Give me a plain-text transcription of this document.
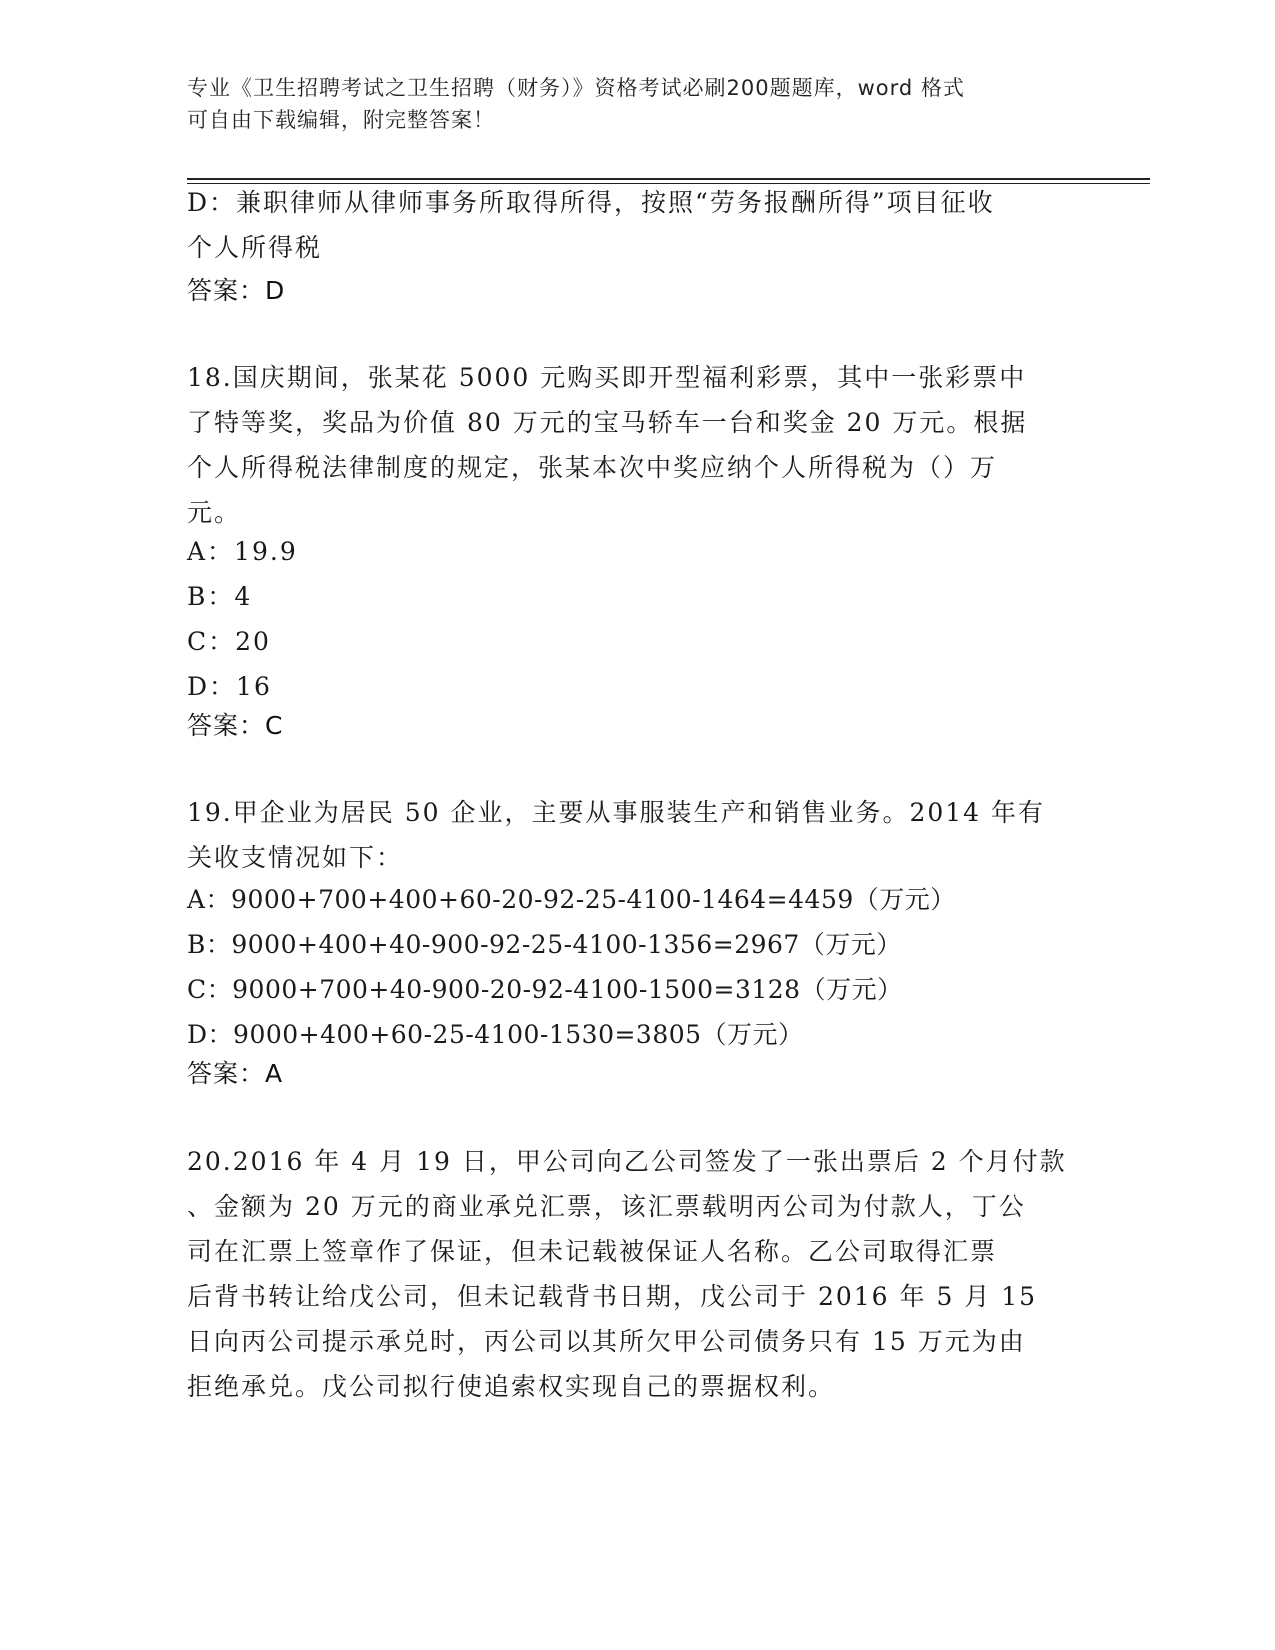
专业《卫生招聘考试之卫生招聘（财务）》资格考试必刷200题题库，word 格式
可自由下载编辑，附完整答案！
D：兼职律师从律师事务所取得所得，按照“劳务报酬所得”项目征收
个人所得税
答案：D
18.国庆期间，张某花 5000 元购买即开型福利彩票，其中一张彩票中
了特等奖，奖品为价值 80 万元的宝马轿车一台和奖金 20 万元。根据
个人所得税法律制度的规定，张某本次中奖应纳个人所得税为（）万
元。
A：19.9
B：4
C：20
D：16
答案：C
19.甲企业为居民 50 企业，主要从事服装生产和销售业务。2014 年有
关收支情况如下：
A：9000+700+400+60-20-92-25-4100-1464=4459（万元）
B：9000+400+40-900-92-25-4100-1356=2967（万元）
C：9000+700+40-900-20-92-4100-1500=3128（万元）
D：9000+400+60-25-4100-1530=3805（万元）
答案：A
20.2016 年 4 月 19 日，甲公司向乙公司签发了一张出票后 2 个月付款
、金额为 20 万元的商业承兑汇票，该汇票载明丙公司为付款人，丁公
司在汇票上签章作了保证，但未记载被保证人名称。乙公司取得汇票
后背书转让给戊公司，但未记载背书日期，戊公司于 2016 年 5 月 15
日向丙公司提示承兑时，丙公司以其所欠甲公司债务只有 15 万元为由
拒绝承兑。戊公司拟行使追索权实现自己的票据权利。
